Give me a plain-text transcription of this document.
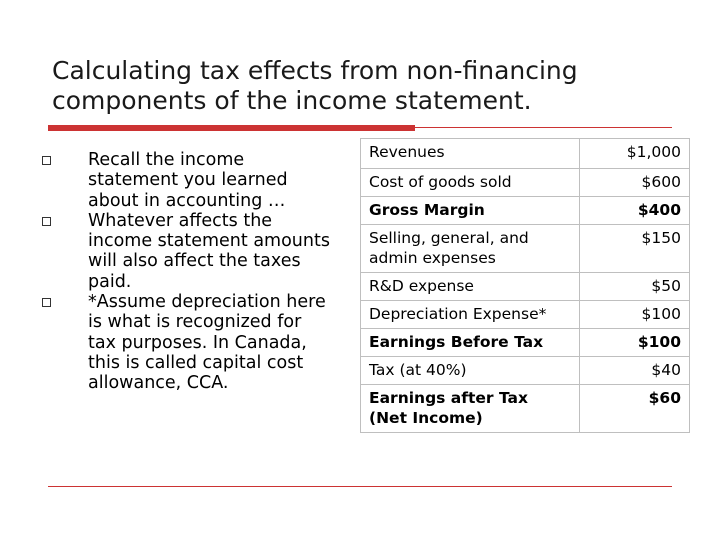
Calculating tax effects from non-financing components of the income statement.
Recall the income statement you learned about in accounting …
Whatever affects the income statement amounts will also affect the taxes paid.
*Assume depreciation here is what is recognized for tax purposes. In Canada, this is called capital cost allowance, CCA.
Revenues	$1,000
Cost of goods sold	$600
Gross Margin	$400
Selling, general, and admin expenses	$150
R&D expense	$50
Depreciation Expense*	$100
Earnings Before Tax	$100
Tax (at 40%)	$40
Earnings after Tax (Net Income)	$60
